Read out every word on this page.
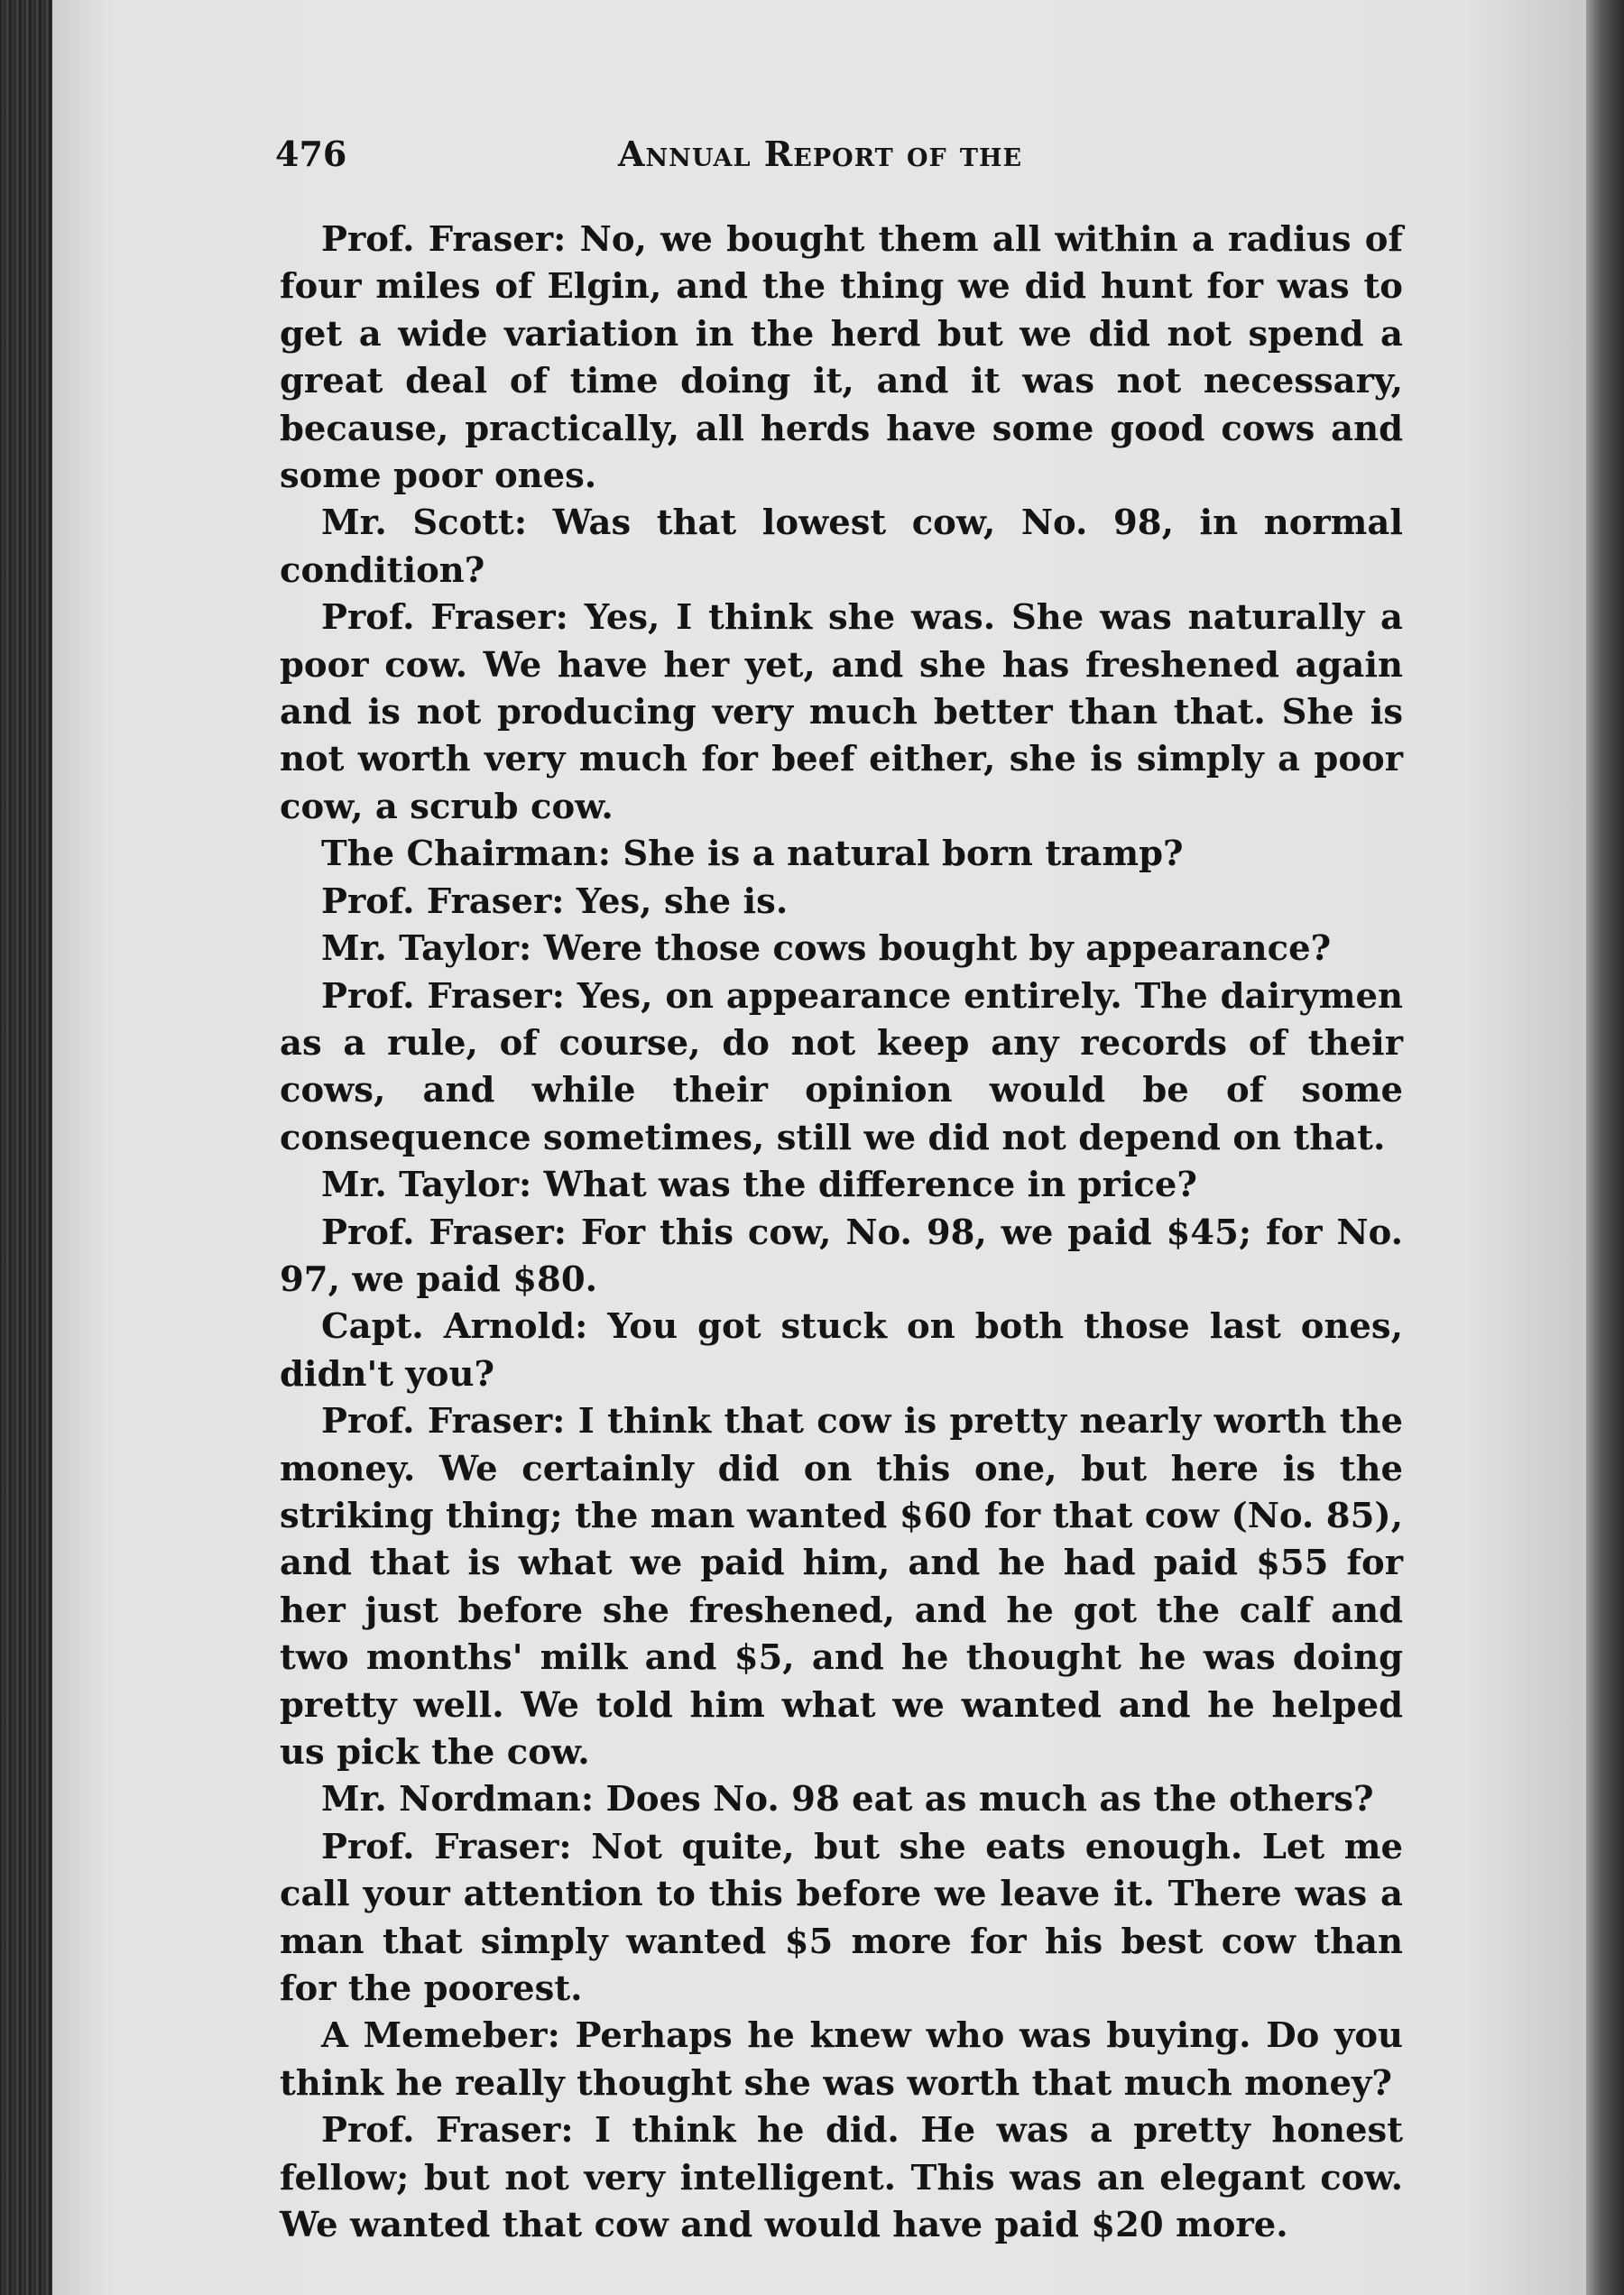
476	Annual Report of the

Prof. Fraser: No, we bought them all within a radius of four miles of Elgin, and the thing we did hunt for was to get a wide variation in the herd but we did not spend a great deal of time doing it, and it was not necessary, because, practically, all herds have some good cows and some poor ones.

Mr. Scott: Was that lowest cow, No. 98, in normal condition?

Prof. Fraser: Yes, I think she was. She was naturally a poor cow. We have her yet, and she has freshened again and is not producing very much better than that. She is not worth very much for beef either, she is simply a poor cow, a scrub cow.

The Chairman: She is a natural born tramp?

Prof. Fraser: Yes, she is.

Mr. Taylor: Were those cows bought by appearance?

Prof. Fraser: Yes, on appearance entirely. The dairymen as a rule, of course, do not keep any records of their cows, and while their opinion would be of some consequence sometimes, still we did not depend on that.

Mr. Taylor: What was the difference in price?

Prof. Fraser: For this cow, No. 98, we paid $45; for No. 97, we paid $80.

Capt. Arnold: You got stuck on both those last ones, didn't you?

Prof. Fraser: I think that cow is pretty nearly worth the money. We certainly did on this one, but here is the striking thing; the man wanted $60 for that cow (No. 85), and that is what we paid him, and he had paid $55 for her just before she freshened, and he got the calf and two months' milk and $5, and he thought he was doing pretty well. We told him what we wanted and he helped us pick the cow.

Mr. Nordman: Does No. 98 eat as much as the others?

Prof. Fraser: Not quite, but she eats enough. Let me call your attention to this before we leave it. There was a man that simply wanted $5 more for his best cow than for the poorest.

A Memeber: Perhaps he knew who was buying. Do you think he really thought she was worth that much money?

Prof. Fraser: I think he did. He was a pretty honest fellow; but not very intelligent. This was an elegant cow. We wanted that cow and would have paid $20 more.
